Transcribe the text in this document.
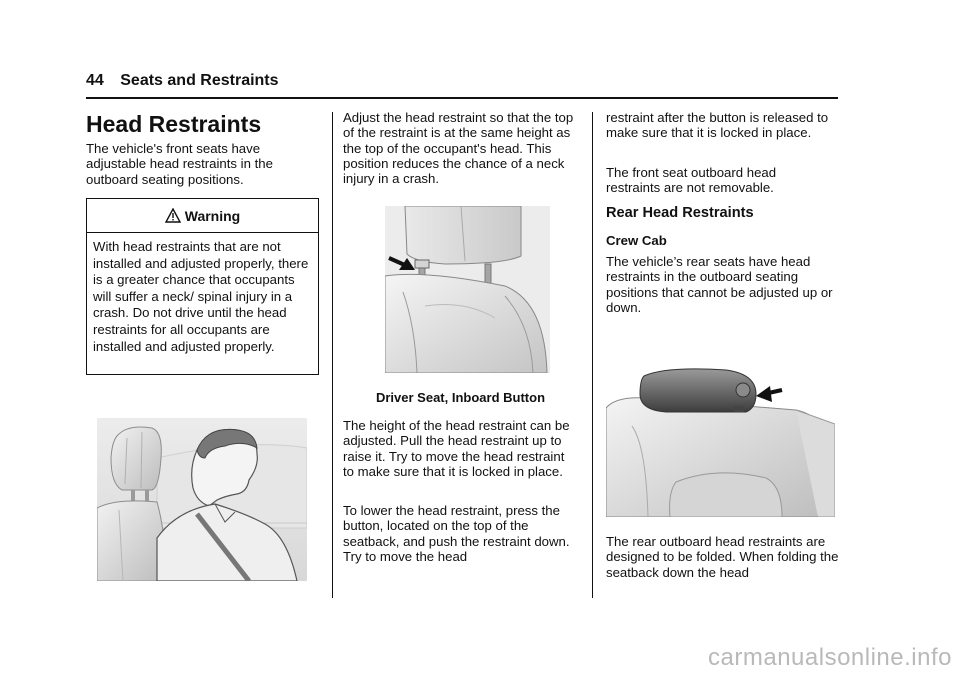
44 Seats and Restraints
Head Restraints

The vehicle's front seats have adjustable head restraints in the outboard seating positions.

Warning
With head restraints that are not installed and adjusted properly, there is a greater chance that occupants will suffer a neck/ spinal injury in a crash. Do not drive until the head restraints for all occupants are installed and adjusted properly.

Adjust the head restraint so that the top of the restraint is at the same height as the top of the occupant's head. This position reduces the chance of a neck injury in a crash.

Driver Seat, Inboard Button

The height of the head restraint can be adjusted. Pull the head restraint up to raise it. Try to move the head restraint to make sure that it is locked in place.

To lower the head restraint, press the button, located on the top of the seatback, and push the restraint down. Try to move the head

restraint after the button is released to make sure that it is locked in place.

The front seat outboard head restraints are not removable.

Rear Head Restraints
Crew Cab

The vehicle’s rear seats have head restraints in the outboard seating positions that cannot be adjusted up or down.

The rear outboard head restraints are designed to be folded. When folding the seatback down the head

carmanualsonline.info
